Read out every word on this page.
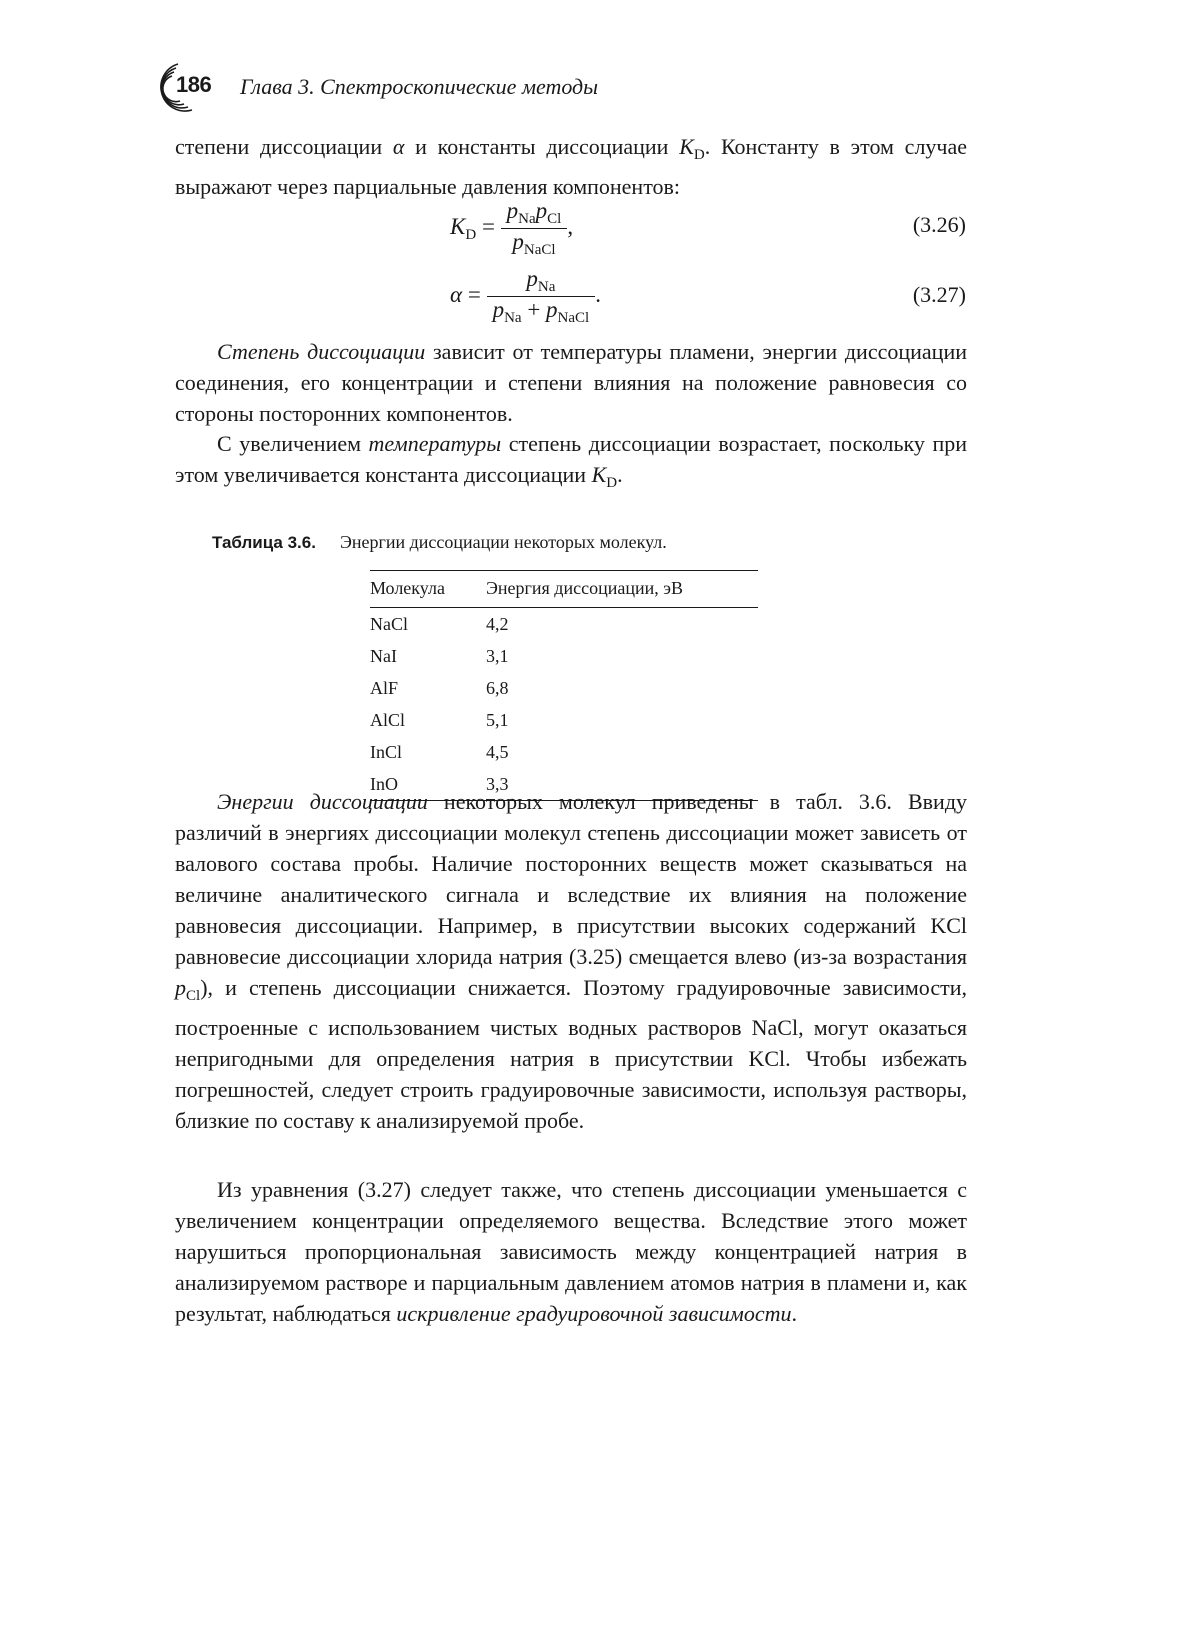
186 Глава 3. Спектроскопические методы

степени диссоциации α и константы диссоциации $K_D$. Константу в этом случае выражают через парциальные давления компонентов:

$K_D = \frac{p_{Na}p_{Cl}}{p_{NaCl}}$ ,	(3.26)
$\alpha = \frac{p_{Na}}{p_{Na} + p_{NaCl}}$ .	(3.27)

Степень диссоциации зависит от температуры пламени, энергии диссоциации соединения, его концентрации и степени влияния на положение равновесия со стороны посторонних компонентов.

С увеличением температуры степень диссоциации возрастает, поскольку при этом увеличивается константа диссоциации $K_D$.

Таблица 3.6. Энергии диссоциации некоторых молекул.
Молекула	Энергия диссоциации, эВ
NaCl	4,2
NaI	3,1
AlF	6,8
AlCl	5,1
InCl	4,5
InO	3,3

Энергии диссоциации некоторых молекул приведены в табл. 3.6. Ввиду различий в энергиях диссоциации молекул степень диссоциации может зависеть от валового состава пробы. Наличие посторонних веществ может сказываться на величине аналитического сигнала и вследствие их влияния на положение равновесия диссоциации. Например, в присутствии высоких содержаний KCl равновесие диссоциации хлорида натрия (3.25) смещается влево (из-за возрастания $p_{Cl}$), и степень диссоциации снижается. Поэтому градуировочные зависимости, построенные с использованием чистых водных растворов NaCl, могут оказаться непригодными для определения натрия в присутствии KCl. Чтобы избежать погрешностей, следует строить градуировочные зависимости, используя растворы, близкие по составу к анализируемой пробе.

Из уравнения (3.27) следует также, что степень диссоциации уменьшается с увеличением концентрации определяемого вещества. Вследствие этого может нарушиться пропорциональная зависимость между концентрацией натрия в анализируемом растворе и парциальным давлением атомов натрия в пламени и, как результат, наблюдаться искривление градуировочной зависимости.
